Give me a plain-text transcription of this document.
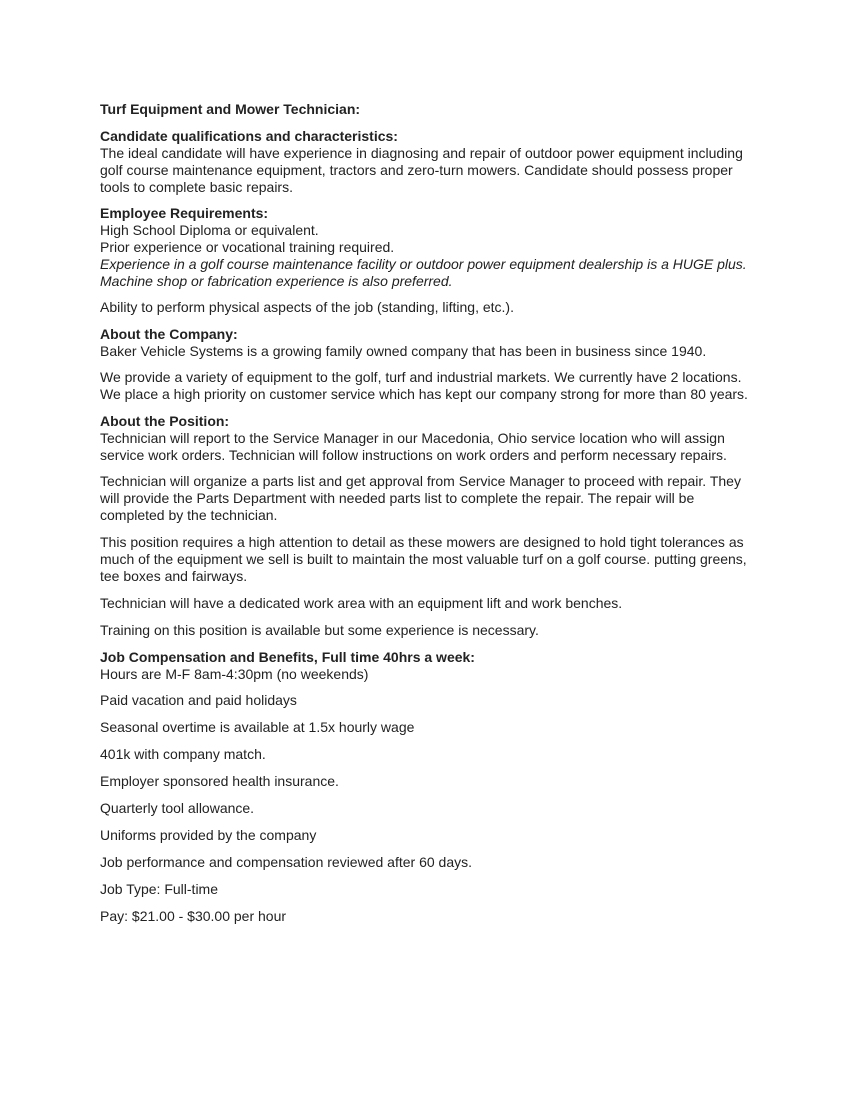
Turf Equipment and Mower Technician:
Candidate qualifications and characteristics:
The ideal candidate will have experience in diagnosing and repair of outdoor power equipment including golf course maintenance equipment, tractors and zero-turn mowers. Candidate should possess proper tools to complete basic repairs.
Employee Requirements:
High School Diploma or equivalent.
Prior experience or vocational training required.
Experience in a golf course maintenance facility or outdoor power equipment dealership is a HUGE plus. Machine shop or fabrication experience is also preferred.
Ability to perform physical aspects of the job (standing, lifting, etc.).
About the Company:
Baker Vehicle Systems is a growing family owned company that has been in business since 1940.
We provide a variety of equipment to the golf, turf and industrial markets. We currently have 2 locations. We place a high priority on customer service which has kept our company strong for more than 80 years.
About the Position:
Technician will report to the Service Manager in our Macedonia, Ohio service location who will assign service work orders. Technician will follow instructions on work orders and perform necessary repairs.
Technician will organize a parts list and get approval from Service Manager to proceed with repair. They will provide the Parts Department with needed parts list to complete the repair. The repair will be completed by the technician.
This position requires a high attention to detail as these mowers are designed to hold tight tolerances as much of the equipment we sell is built to maintain the most valuable turf on a golf course. putting greens, tee boxes and fairways.
Technician will have a dedicated work area with an equipment lift and work benches.
Training on this position is available but some experience is necessary.
Job Compensation and Benefits, Full time 40hrs a week:
Hours are M-F 8am-4:30pm (no weekends)
Paid vacation and paid holidays
Seasonal overtime is available at 1.5x hourly wage
401k with company match.
Employer sponsored health insurance.
Quarterly tool allowance.
Uniforms provided by the company
Job performance and compensation reviewed after 60 days.
Job Type: Full-time
Pay: $21.00 - $30.00 per hour
